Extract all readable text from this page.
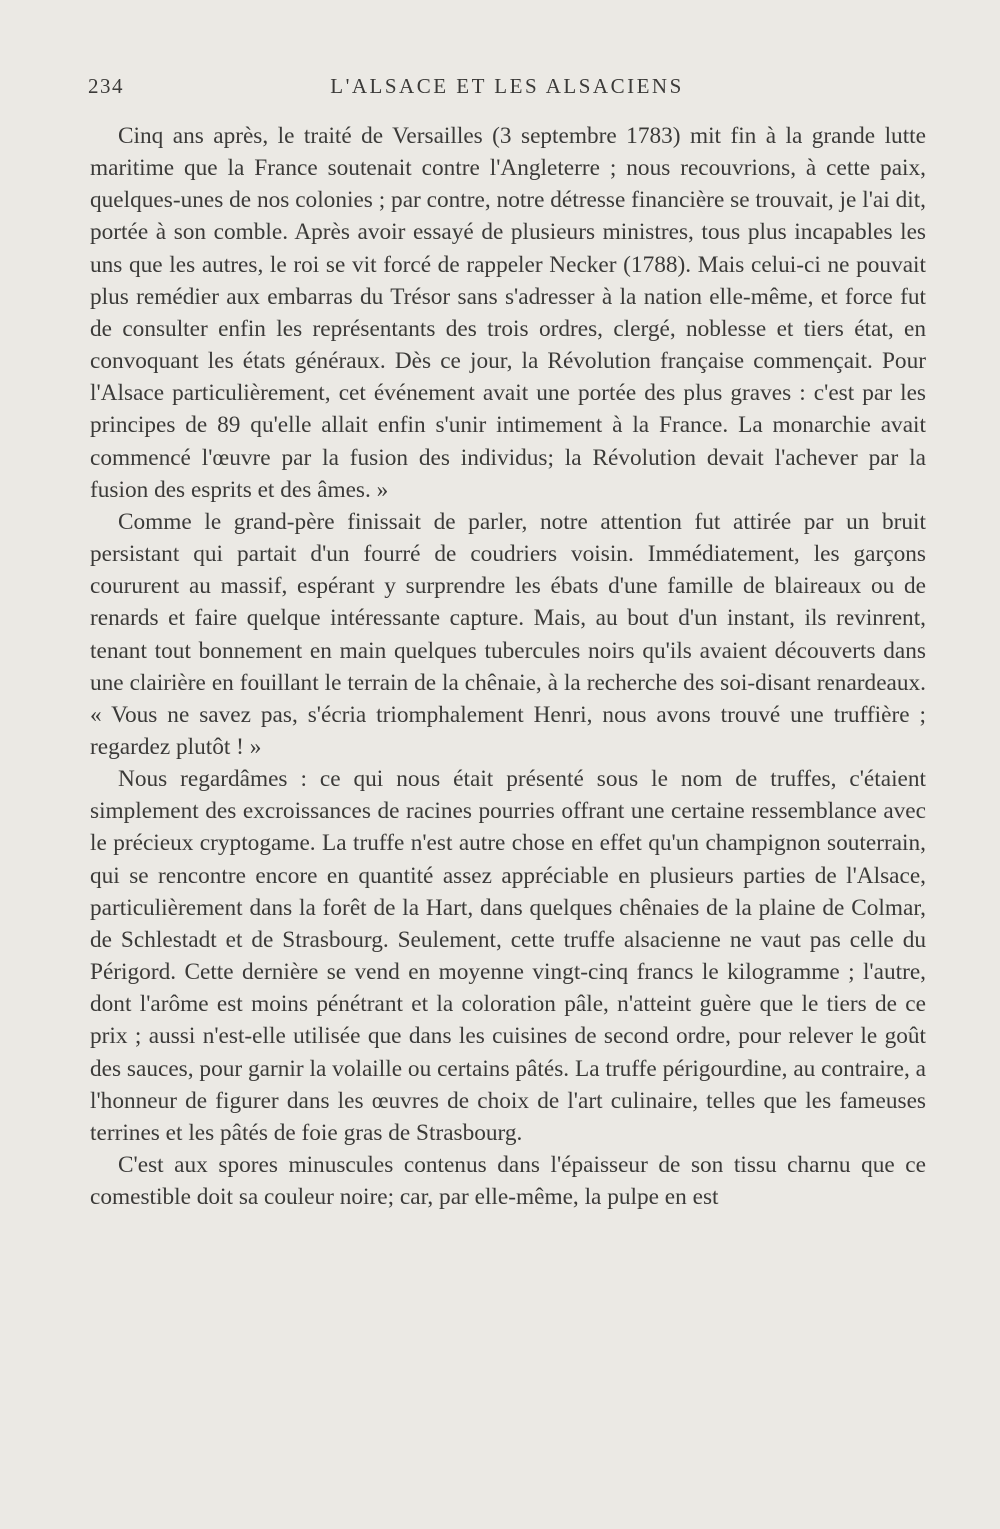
234	L'ALSACE ET LES ALSACIENS

Cinq ans après, le traité de Versailles (3 septembre 1783) mit fin à la grande lutte maritime que la France soutenait contre l'Angleterre ; nous recouvrions, à cette paix, quelques-unes de nos colonies ; par contre, notre détresse financière se trouvait, je l'ai dit, portée à son comble. Après avoir essayé de plusieurs ministres, tous plus incapables les uns que les autres, le roi se vit forcé de rappeler Necker (1788). Mais celui-ci ne pouvait plus remédier aux embarras du Trésor sans s'adresser à la nation elle-même, et force fut de consulter enfin les représentants des trois ordres, clergé, noblesse et tiers état, en convoquant les états généraux. Dès ce jour, la Révolution française commençait. Pour l'Alsace particulièrement, cet événement avait une portée des plus graves : c'est par les principes de 89 qu'elle allait enfin s'unir intimement à la France. La monarchie avait commencé l'œuvre par la fusion des individus; la Révolution devait l'achever par la fusion des esprits et des âmes. »

Comme le grand-père finissait de parler, notre attention fut attirée par un bruit persistant qui partait d'un fourré de coudriers voisin. Immédiatement, les garçons coururent au massif, espérant y surprendre les ébats d'une famille de blaireaux ou de renards et faire quelque intéressante capture. Mais, au bout d'un instant, ils revinrent, tenant tout bonnement en main quelques tubercules noirs qu'ils avaient découverts dans une clairière en fouillant le terrain de la chênaie, à la recherche des soi-disant renardeaux. « Vous ne savez pas, s'écria triomphalement Henri, nous avons trouvé une truffière ; regardez plutôt ! »

Nous regardâmes : ce qui nous était présenté sous le nom de truffes, c'étaient simplement des excroissances de racines pourries offrant une certaine ressemblance avec le précieux cryptogame. La truffe n'est autre chose en effet qu'un champignon souterrain, qui se rencontre encore en quantité assez appréciable en plusieurs parties de l'Alsace, particulièrement dans la forêt de la Hart, dans quelques chênaies de la plaine de Colmar, de Schlestadt et de Strasbourg. Seulement, cette truffe alsacienne ne vaut pas celle du Périgord. Cette dernière se vend en moyenne vingt-cinq francs le kilogramme ; l'autre, dont l'arôme est moins pénétrant et la coloration pâle, n'atteint guère que le tiers de ce prix ; aussi n'est-elle utilisée que dans les cuisines de second ordre, pour relever le goût des sauces, pour garnir la volaille ou certains pâtés. La truffe périgourdine, au contraire, a l'honneur de figurer dans les œuvres de choix de l'art culinaire, telles que les fameuses terrines et les pâtés de foie gras de Strasbourg.

C'est aux spores minuscules contenus dans l'épaisseur de son tissu charnu que ce comestible doit sa couleur noire; car, par elle-même, la pulpe en est
